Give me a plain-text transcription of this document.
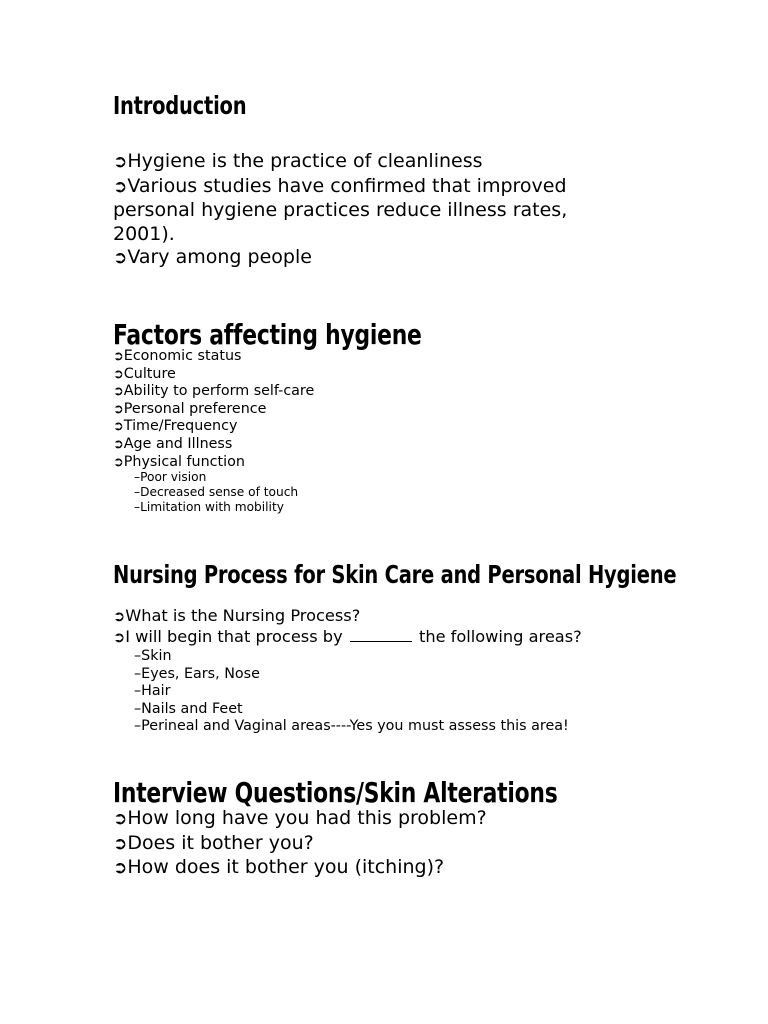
Introduction
➲Hygiene is the practice of cleanliness
➲Various studies have confirmed that improved personal hygiene practices reduce illness rates, 2001).
➲Vary among people
Factors affecting hygiene
➲Economic status
➲Culture
➲Ability to perform self-care
➲Personal preference
➲Time/Frequency
➲Age and Illness
➲Physical function
–Poor vision
–Decreased sense of touch
–Limitation with mobility
Nursing Process for Skin Care and Personal Hygiene
➲What is the Nursing Process?
➲I will begin that process by	the following areas?
–Skin
–Eyes, Ears, Nose
–Hair
–Nails and Feet
–Perineal and Vaginal areas----Yes you must assess this area!
Interview Questions/Skin Alterations
➲How long have you had this problem?
➲Does it bother you?
➲How does it bother you (itching)?
